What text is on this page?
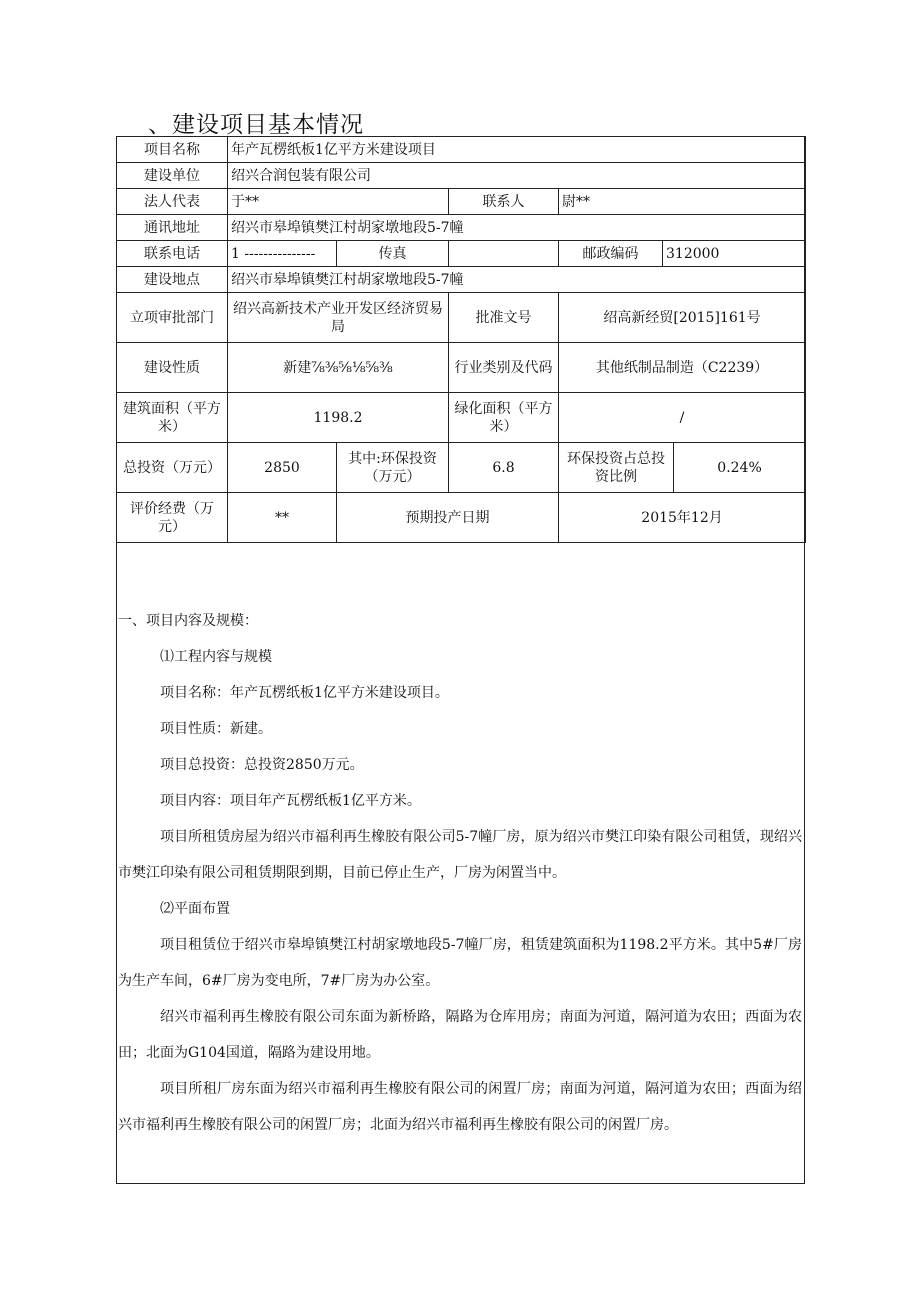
、建设项目基本情况
项目名称	年产瓦楞纸板1亿平方米建设项目					
建设单位	绍兴合润包装有限公司					
法人代表	于**		联系人	尉**		
通讯地址	绍兴市皋埠镇樊江村胡家墩地段5-7幢					
联系电话	1 ---------------	传真		邮政编码	312000	
建设地点	绍兴市皋埠镇樊江村胡家墩地段5-7幢					
立项审批部门	绍兴高新技术产业开发区经济贸易局		批准文号	绍高新经贸[2015]161号		
建设性质	新建⅞⅜⅝⅛⅝⅜		行业类别及代码	其他纸制品制造（C2239）		
建筑面积（平方米）	1198.2		绿化面积（平方米）	/		
总投资（万元）	2850	其中:环保投资（万元）	6.8	环保投资占总投资比例		0.24%
评价经费（万元）	**	预期投产日期		2015年12月		

一、项目内容及规模：

⑴工程内容与规模

项目名称：年产瓦楞纸板1亿平方米建设项目。

项目性质：新建。

项目总投资：总投资2850万元。

项目内容：项目年产瓦楞纸板1亿平方米。

项目所租赁房屋为绍兴市福利再生橡胶有限公司5-7幢厂房，原为绍兴市樊江印染有限公司租赁，现绍兴市樊江印染有限公司租赁期限到期，目前已停止生产，厂房为闲置当中。

⑵平面布置

项目租赁位于绍兴市皋埠镇樊江村胡家墩地段5-7幢厂房，租赁建筑面积为1198.2平方米。其中5#厂房为生产车间，6#厂房为变电所，7#厂房为办公室。

绍兴市福利再生橡胶有限公司东面为新桥路，隔路为仓库用房；南面为河道，隔河道为农田；西面为农田；北面为G104国道，隔路为建设用地。

项目所租厂房东面为绍兴市福利再生橡胶有限公司的闲置厂房；南面为河道，隔河道为农田；西面为绍兴市福利再生橡胶有限公司的闲置厂房；北面为绍兴市福利再生橡胶有限公司的闲置厂房。
